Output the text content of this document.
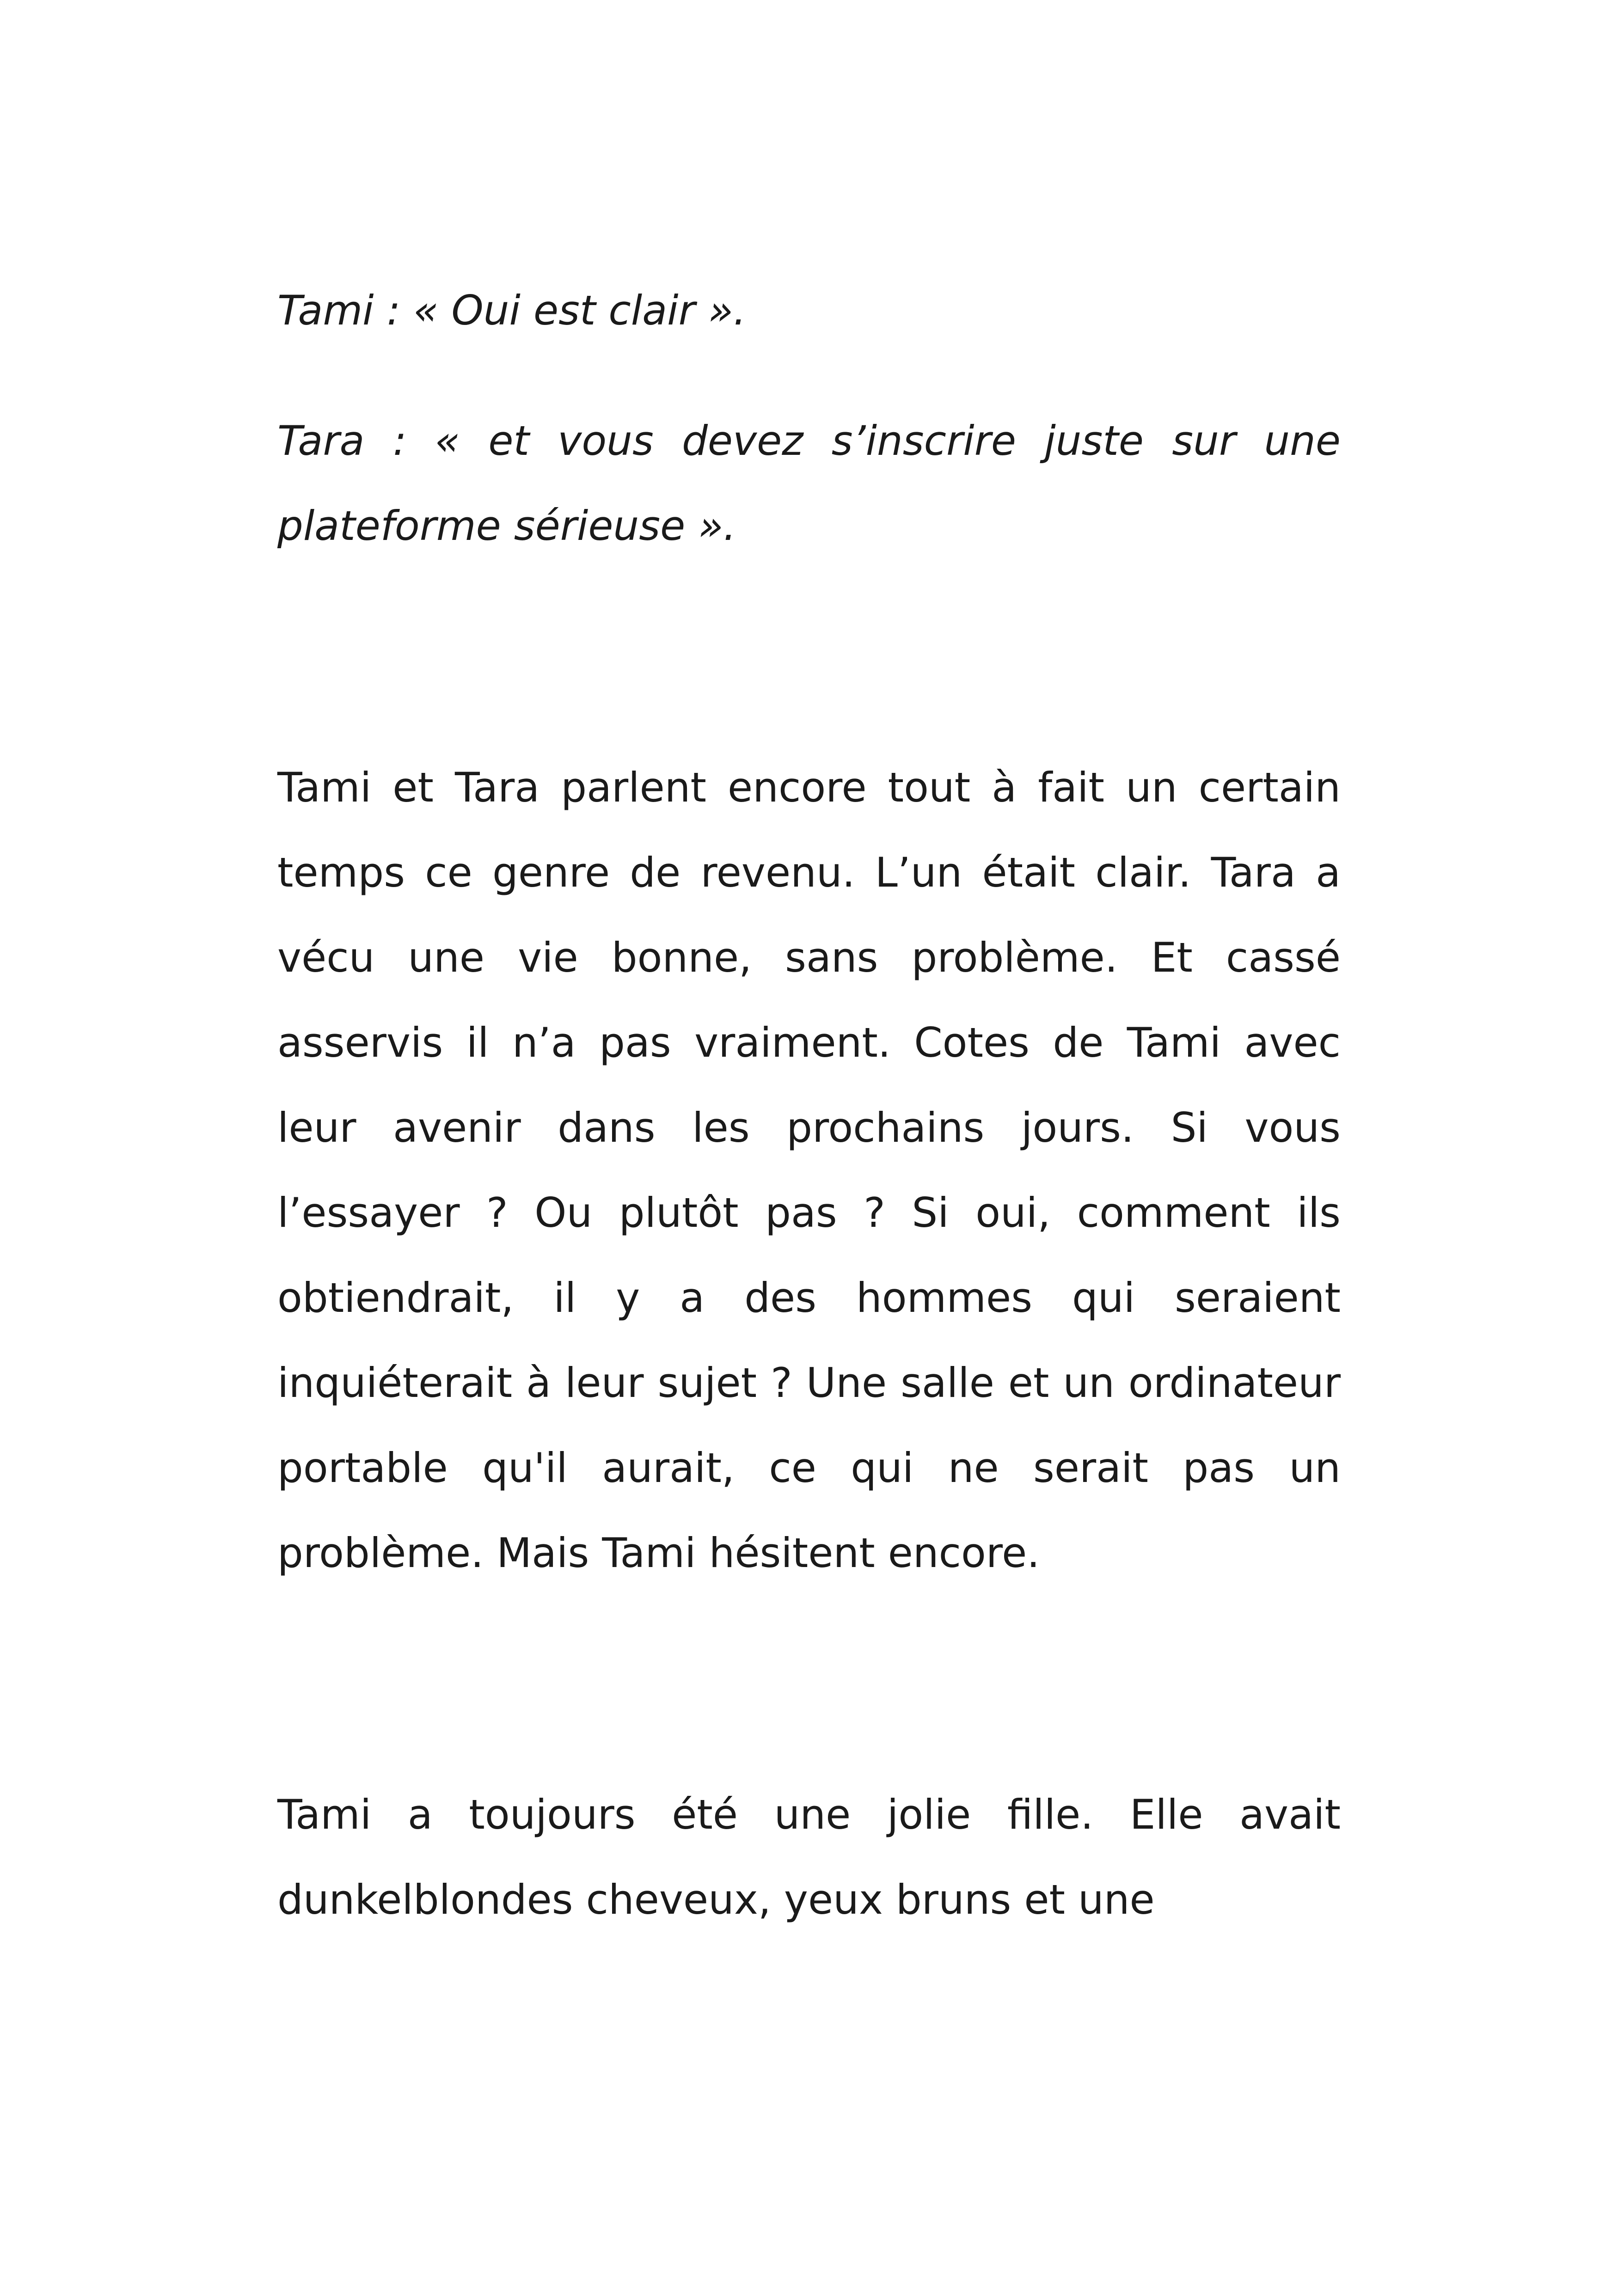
Tami : « Oui est clair ».

Tara : « et vous devez s’inscrire juste sur une plateforme sérieuse ».

Tami et Tara parlent encore tout à fait un certain temps ce genre de revenu. L’un était clair. Tara a vécu une vie bonne, sans problème. Et cassé asservis il n’a pas vraiment. Cotes de Tami avec leur avenir dans les prochains jours. Si vous l’essayer ? Ou plutôt pas ? Si oui, comment ils obtiendrait, il y a des hommes qui seraient inquiéterait à leur sujet ? Une salle et un ordinateur portable qu'il aurait, ce qui ne serait pas un problème. Mais Tami hésitent encore.

Tami a toujours été une jolie fille. Elle avait dunkelblondes cheveux, yeux bruns et une
